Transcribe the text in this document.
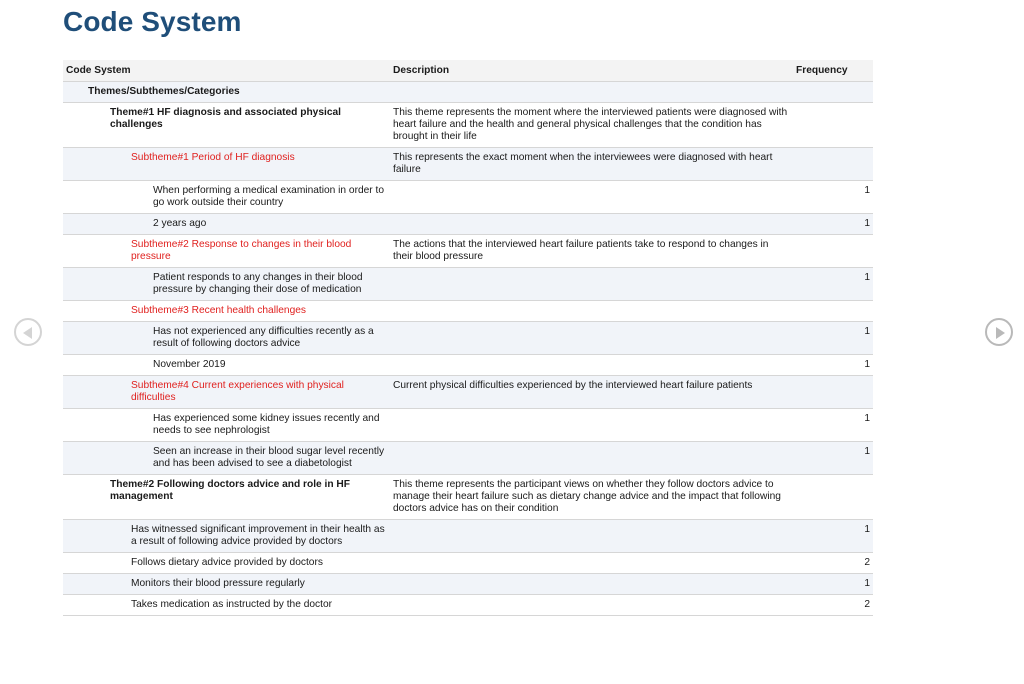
Code System
Code System	Description	Frequency
Themes/Subthemes/Categories		
Theme#1 HF diagnosis and associated physical challenges	This theme represents the moment where the interviewed patients were diagnosed with heart failure and the health and general physical challenges that the condition has brought in their life	
Subtheme#1 Period of HF diagnosis	This represents the exact moment when the interviewees were diagnosed with heart failure	
When performing a medical examination in order to go work outside their country		1
2 years ago		1
Subtheme#2 Response to changes in their blood pressure	The actions that the interviewed heart failure patients take to respond to changes in their blood pressure	
Patient responds to any changes in their blood pressure by changing their dose of medication		1
Subtheme#3 Recent health challenges		
Has not experienced any difficulties recently as a result of following doctors advice		1
November 2019		1
Subtheme#4 Current experiences with physical difficulties	Current physical difficulties experienced by the interviewed heart failure patients	
Has experienced some kidney issues recently and needs to see nephrologist		1
Seen an increase in their blood sugar level recently and has been advised to see a diabetologist		1
Theme#2 Following doctors advice and role in HF management	This theme represents the participant views on whether they follow doctors advice to manage their heart failure such as dietary change advice and the impact that following doctors advice has on their condition	
Has witnessed significant improvement in their health as a result of following advice provided by doctors		1
Follows dietary advice provided by doctors		2
Monitors their blood pressure regularly		1
Takes medication as instructed by the doctor		2
